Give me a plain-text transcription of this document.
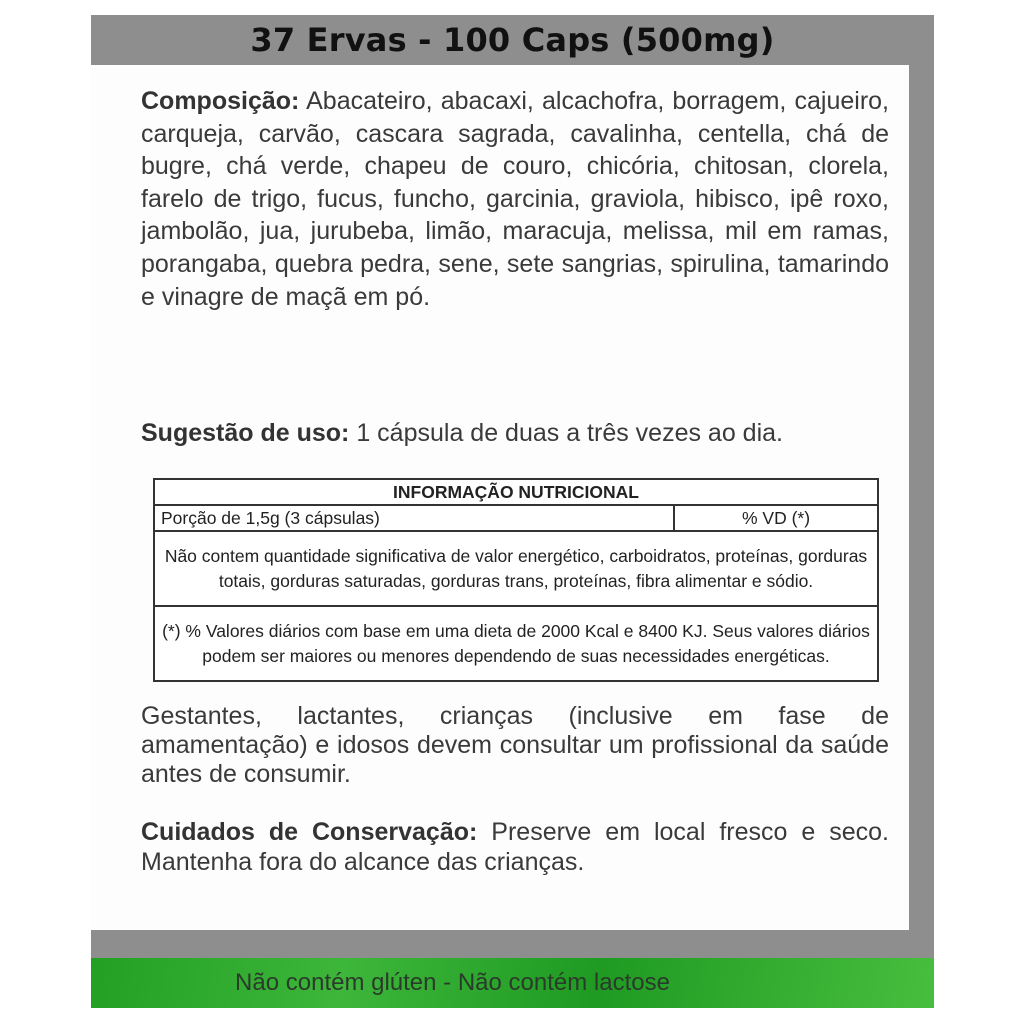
37 Ervas - 100 Caps (500mg)
Composição: Abacateiro, abacaxi, alcachofra, borragem, cajueiro, carqueja, carvão, cascara sagrada, cavalinha, centella, chá de bugre, chá verde, chapeu de couro, chicória, chitosan, clorela, farelo de trigo, fucus, funcho, garcinia, graviola, hibisco, ipê roxo, jambolão, jua, jurubeba, limão, maracuja, melissa, mil em ramas, porangaba, quebra pedra, sene, sete sangrias, spirulina, tamarindo e vinagre de maçã em pó.
Sugestão de uso: 1 cápsula de duas a três vezes ao dia.
INFORMAÇÃO NUTRICIONAL
Porção de 1,5g (3 cápsulas)	% VD (*)
Não contem quantidade significativa de valor energético, carboidratos, proteínas, gorduras totais, gorduras saturadas, gorduras trans, proteínas, fibra alimentar e sódio.
(*) % Valores diários com base em uma dieta de 2000 Kcal e 8400 KJ. Seus valores diários podem ser maiores ou menores dependendo de suas necessidades energéticas.
Gestantes, lactantes, crianças (inclusive em fase de amamentação) e idosos devem consultar um profissional da saúde antes de consumir.
Cuidados de Conservação: Preserve em local fresco e seco. Mantenha fora do alcance das crianças.
Não contém glúten - Não contém lactose
